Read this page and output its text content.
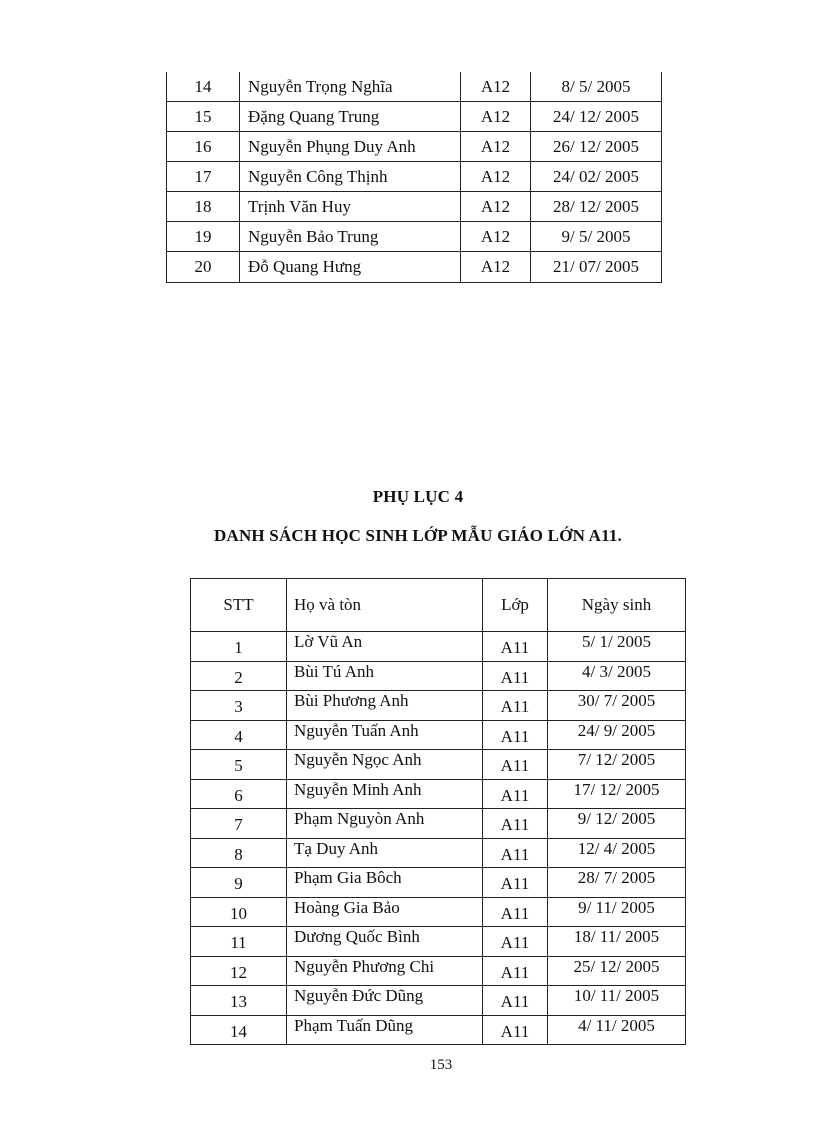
14	Nguyễn Trọng Nghĩa	A12	8/ 5/ 2005
15	Đặng Quang Trung	A12	24/ 12/ 2005
16	Nguyễn Phụng Duy Anh	A12	26/ 12/ 2005
17	Nguyễn Công Thịnh	A12	24/ 02/ 2005
18	Trịnh Văn Huy	A12	28/ 12/ 2005
19	Nguyễn Bảo Trung	A12	9/ 5/ 2005
20	Đỗ Quang Hưng	A12	21/ 07/ 2005
PHỤ LỤC 4
DANH SÁCH HỌC SINH LỚP MẪU GIÁO LỚN A11.
STT	Họ và tòn	Lớp	Ngày sinh
1	Lờ Vũ An	A11	5/ 1/ 2005
2	Bùi Tú Anh	A11	4/ 3/ 2005
3	Bùi Phương Anh	A11	30/ 7/ 2005
4	Nguyễn Tuấn Anh	A11	24/ 9/ 2005
5	Nguyễn Ngọc Anh	A11	7/ 12/ 2005
6	Nguyễn Minh Anh	A11	17/ 12/ 2005
7	Phạm Nguyòn Anh	A11	9/ 12/ 2005
8	Tạ Duy Anh	A11	12/ 4/ 2005
9	Phạm Gia Bôch	A11	28/ 7/ 2005
10	Hoàng Gia Bảo	A11	9/ 11/ 2005
11	Dương Quốc Bình	A11	18/ 11/ 2005
12	Nguyễn Phương Chi	A11	25/ 12/ 2005
13	Nguyễn Đức Dũng	A11	10/ 11/ 2005
14	Phạm Tuấn Dũng	A11	4/ 11/ 2005
153
